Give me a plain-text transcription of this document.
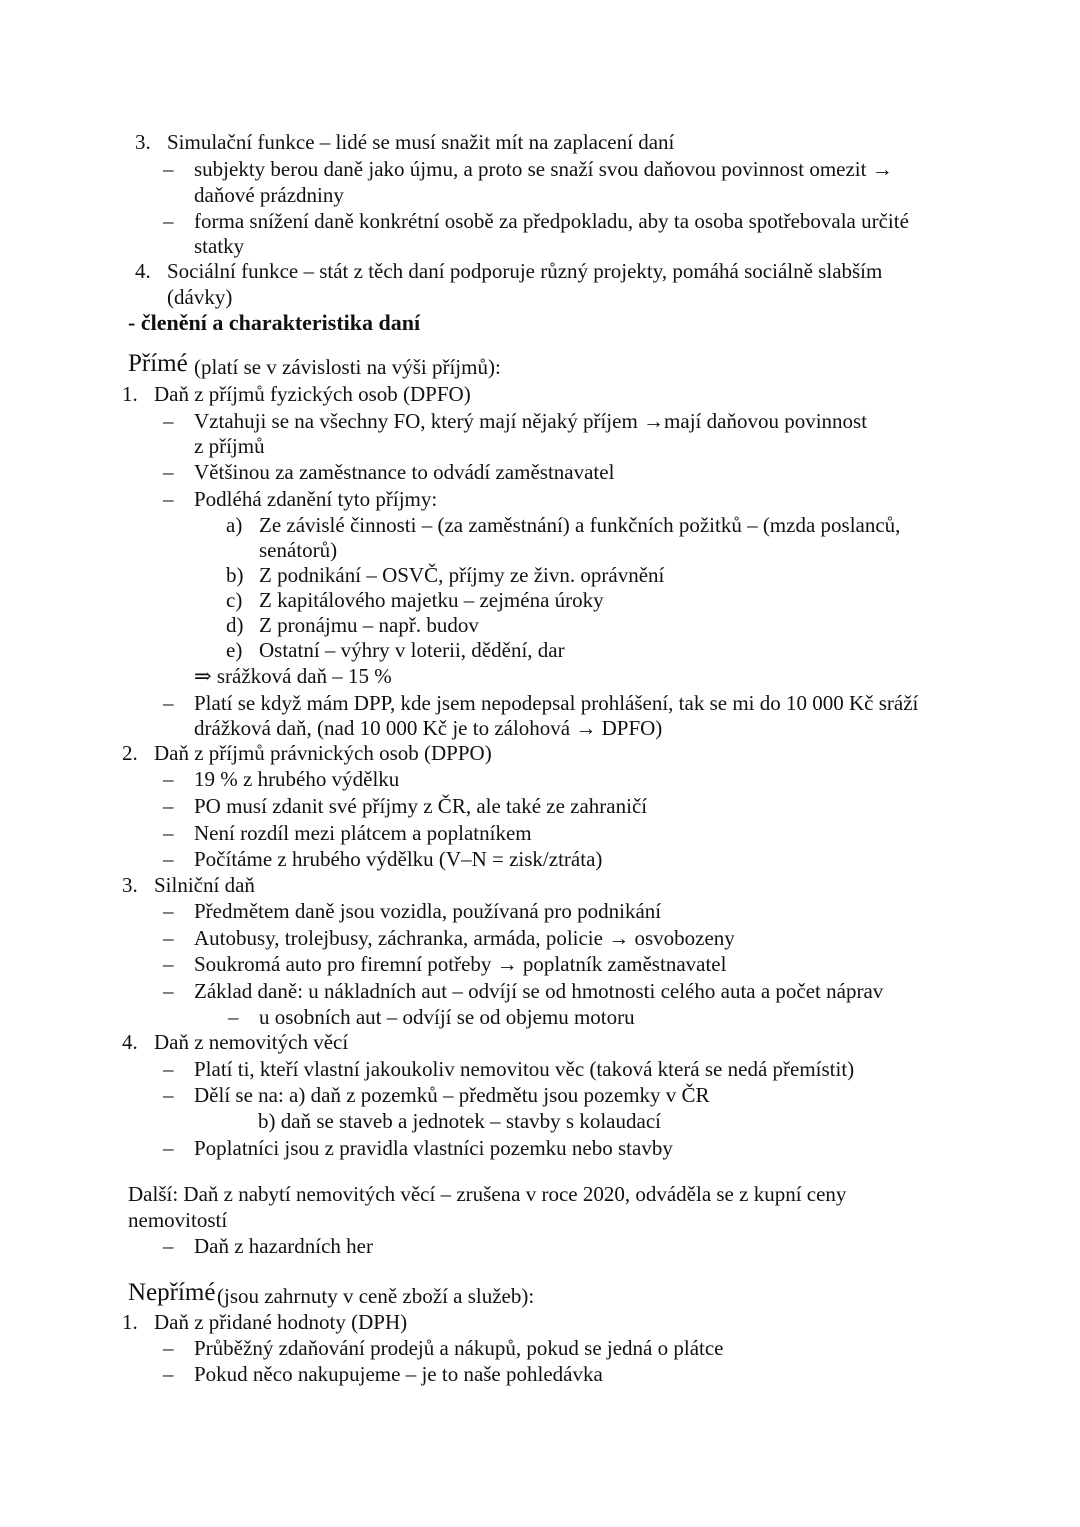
3. Simulační funkce – lidé se musí snažit mít na zaplacení daní
– subjekty berou daně jako újmu, a proto se snaží svou daňovou povinnost omezit →
daňové prázdniny
– forma snížení daně konkrétní osobě za předpokladu, aby ta osoba spotřebovala určité
statky
4. Sociální funkce – stát z těch daní podporuje různý projekty, pomáhá sociálně slabším
(dávky)
- členění a charakteristika daní
Přímé (platí se v závislosti na výši příjmů):
1. Daň z příjmů fyzických osob (DPFO)
– Vztahuji se na všechny FO, který mají nějaký příjem →mají daňovou povinnost
z příjmů
– Většinou za zaměstnance to odvádí zaměstnavatel
– Podléhá zdanění tyto příjmy:
a) Ze závislé činnosti – (za zaměstnání) a funkčních požitků – (mzda poslanců,
senátorů)
b) Z podnikání – OSVČ, příjmy ze živn. oprávnění
c) Z kapitálového majetku – zejména úroky
d) Z pronájmu – např. budov
e) Ostatní – výhry v loterii, dědění, dar
⇒ srážková daň – 15 %
– Platí se když mám DPP, kde jsem nepodepsal prohlášení, tak se mi do 10 000 Kč sráží
drážková daň, (nad 10 000 Kč je to zálohová → DPFO)
2. Daň z příjmů právnických osob (DPPO)
– 19 % z hrubého výdělku
– PO musí zdanit své příjmy z ČR, ale také ze zahraničí
– Není rozdíl mezi plátcem a poplatníkem
– Počítáme z hrubého výdělku (V–N = zisk/ztráta)
3. Silniční daň
– Předmětem daně jsou vozidla, používaná pro podnikání
– Autobusy, trolejbusy, záchranka, armáda, policie → osvobozeny
– Soukromá auto pro firemní potřeby → poplatník zaměstnavatel
– Základ daně: u nákladních aut – odvíjí se od hmotnosti celého auta a počet náprav
– u osobních aut – odvíjí se od objemu motoru
4. Daň z nemovitých věcí
– Platí ti, kteří vlastní jakoukoliv nemovitou věc (taková která se nedá přemístit)
– Dělí se na: a) daň z pozemků – předmětu jsou pozemky v ČR
b) daň se staveb a jednotek – stavby s kolaudací
– Poplatníci jsou z pravidla vlastníci pozemku nebo stavby
Další: Daň z nabytí nemovitých věcí – zrušena v roce 2020, odváděla se z kupní ceny
nemovitostí
– Daň z hazardních her
Nepřímé (jsou zahrnuty v ceně zboží a služeb):
1. Daň z přidané hodnoty (DPH)
– Průběžný zdaňování prodejů a nákupů, pokud se jedná o plátce
– Pokud něco nakupujeme – je to naše pohledávka
